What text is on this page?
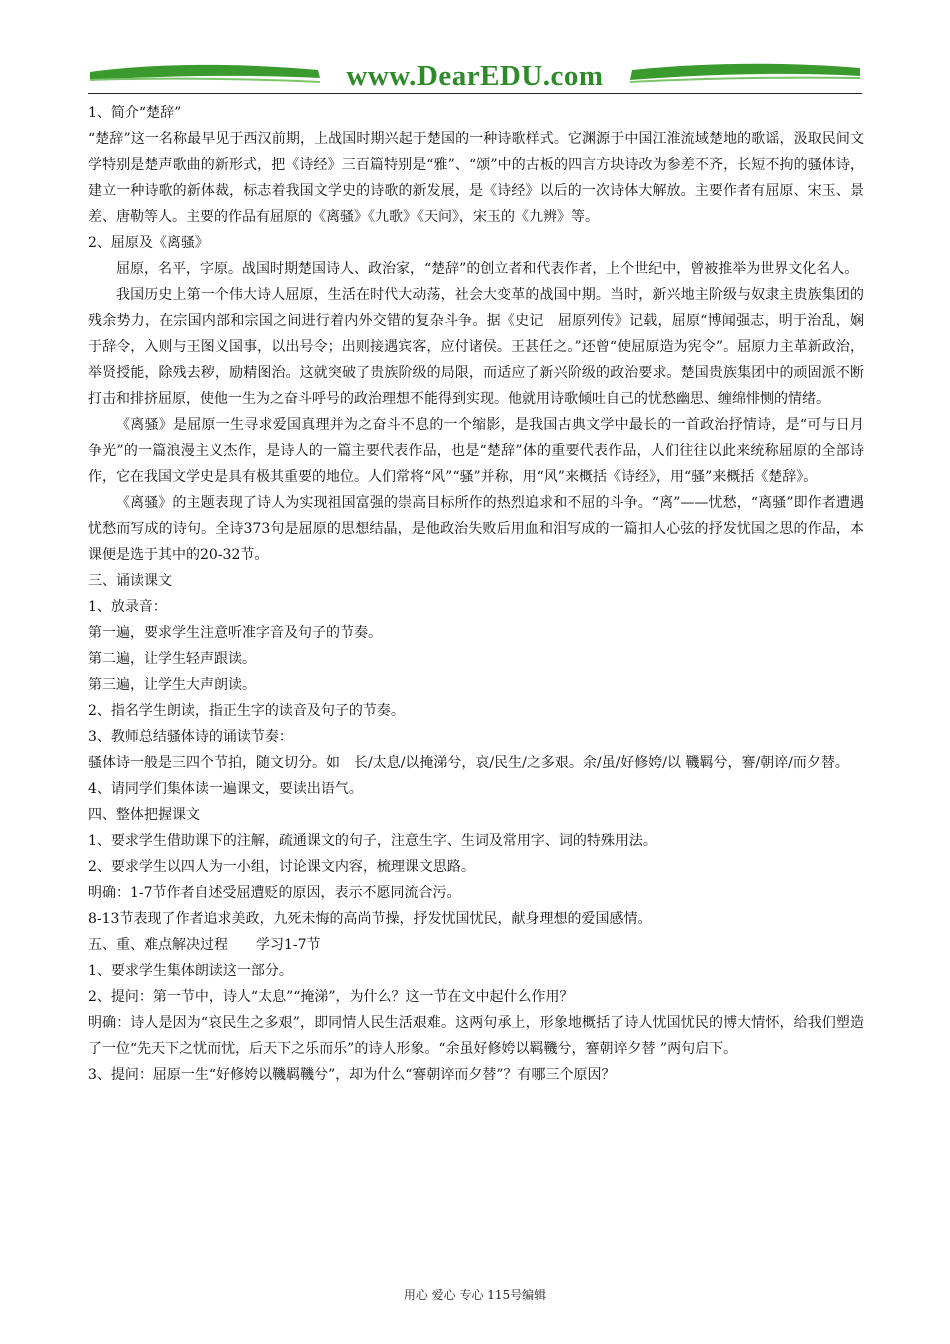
www.DearEDU.com

1、简介“楚辞”

“楚辞”这一名称最早见于西汉前期，上战国时期兴起于楚国的一种诗歌样式。它渊源于中国江淮流域楚地的歌谣，汲取民间文学特别是楚声歌曲的新形式，把《诗经》三百篇特别是“雅”、“颂”中的古板的四言方块诗改为参差不齐，长短不拘的骚体诗，建立一种诗歌的新体裁，标志着我国文学史的诗歌的新发展，是《诗经》以后的一次诗体大解放。主要作者有屈原、宋玉、景差、唐勒等人。主要的作品有屈原的《离骚》《九歌》《天问》，宋玉的《九辨》等。

2、屈原及《离骚》

屈原，名平，字原。战国时期楚国诗人、政治家，“楚辞”的创立者和代表作者，上个世纪中，曾被推举为世界文化名人。

我国历史上第一个伟大诗人屈原，生活在时代大动荡，社会大变革的战国中期。当时，新兴地主阶级与奴隶主贵族集团的残余势力，在宗国内部和宗国之间进行着内外交错的复杂斗争。据《史记　屈原列传》记载，屈原“博闻强志，明于治乱，娴于辞令，入则与王图义国事，以出号令；出则接遇宾客，应付诸侯。王甚任之。”还曾“使屈原造为宪令”。屈原力主革新政治，举贤授能，除残去秽，励精图治。这就突破了贵族阶级的局限，而适应了新兴阶级的政治要求。楚国贵族集团中的顽固派不断打击和排挤屈原，使他一生为之奋斗呼号的政治理想不能得到实现。他就用诗歌倾吐自己的忧愁幽思、缠绵悱恻的情绪。

《离骚》是屈原一生寻求爱国真理并为之奋斗不息的一个缩影，是我国古典文学中最长的一首政治抒情诗，是“可与日月争光”的一篇浪漫主义杰作，是诗人的一篇主要代表作品，也是“楚辞”体的重要代表作品，人们往往以此来统称屈原的全部诗作，它在我国文学史是具有极其重要的地位。人们常将“风”“骚”并称，用“风”来概括《诗经》，用“骚”来概括《楚辞》。

《离骚》的主题表现了诗人为实现祖国富强的崇高目标所作的热烈追求和不屈的斗争。“离”——忧愁，“离骚”即作者遭遇忧愁而写成的诗句。全诗373句是屈原的思想结晶，是他政治失败后用血和泪写成的一篇扣人心弦的抒发忧国之思的作品，本课便是选于其中的20-32节。

三、诵读课文

1、放录音：

第一遍，要求学生注意听准字音及句子的节奏。

第二遍，让学生轻声跟读。

第三遍，让学生大声朗读。

2、指名学生朗读，指正生字的读音及句子的节奏。

3、教师总结骚体诗的诵读节奏：

骚体诗一般是三四个节拍，随文切分。如　长/太息/以掩涕兮，哀/民生/之多艰。余/虽/好修姱/以 鞿羁兮，謇/朝谇/而夕替。

4、请同学们集体读一遍课文，要读出语气。

四、整体把握课文

1、要求学生借助课下的注解，疏通课文的句子，注意生字、生词及常用字、词的特殊用法。

2、要求学生以四人为一小组，讨论课文内容，梳理课文思路。

明确：1-7节作者自述受屈遭贬的原因，表示不愿同流合污。

8-13节表现了作者追求美政，九死未悔的高尚节操，抒发忧国忧民，献身理想的爱国感情。

五、重、难点解决过程　　学习1-7节

1、要求学生集体朗读这一部分。

2、提问：第一节中，诗人“太息”“掩涕”，为什么？这一节在文中起什么作用？

明确：诗人是因为“哀民生之多艰”，即同情人民生活艰难。这两句承上，形象地概括了诗人忧国忧民的博大情怀，给我们塑造了一位“先天下之忧而忧，后天下之乐而乐”的诗人形象。“余虽好修姱以羁鞿兮，謇朝谇夕替 ”两句启下。

3、提问：屈原一生“好修姱以鞿羁鞿兮”，却为什么“謇朝谇而夕替”？有哪三个原因？

用心 爱心 专心 115号编辑
